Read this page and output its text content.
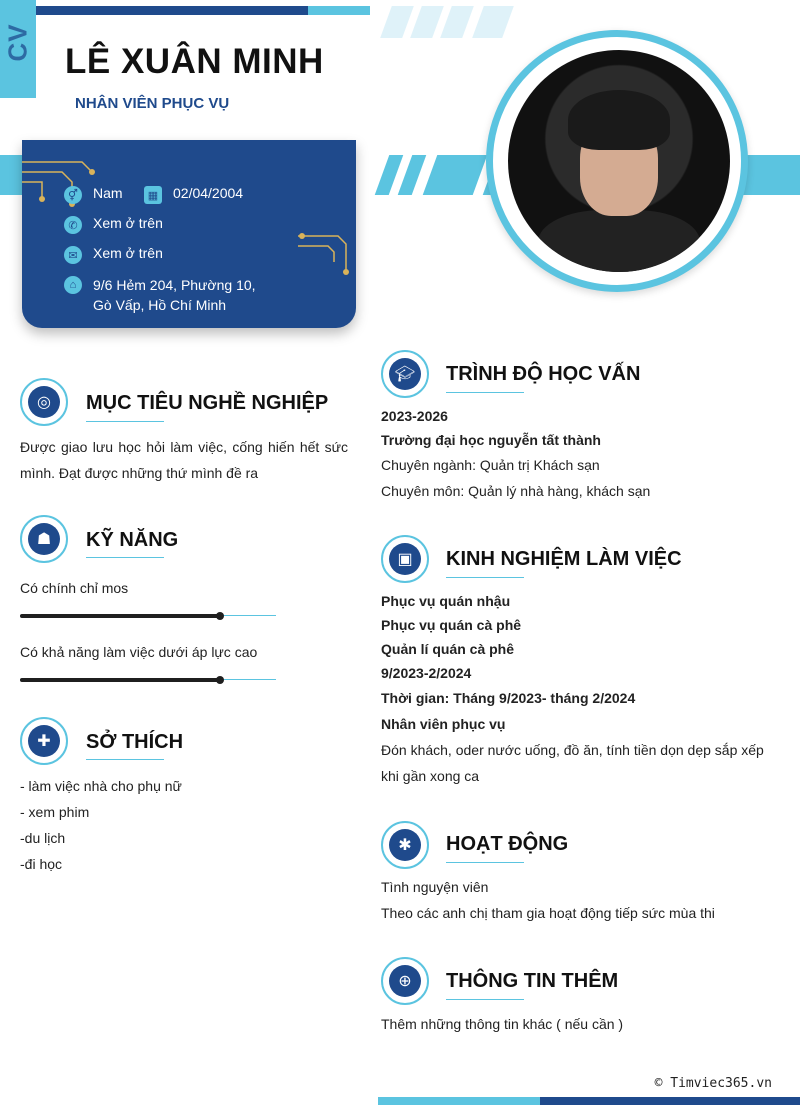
CV LÊ XUÂN MINH
NHÂN VIÊN PHỤC VỤ
⚥ Nam	▦ 02/04/2004
✆	Xem ở trên
✉	Xem ở trên
⌂	9/6 Hẻm 204, Phường 10, Gò Vấp, Hồ Chí Minh
◎	MỤC TIÊU NGHỀ NGHIỆP
Được giao lưu học hỏi làm việc, cống hiến hết sức mình. Đạt được những thứ mình đề ra
☗	KỸ NĂNG
Có chính chỉ mos
Có khả năng làm việc dưới áp lực cao
✚	SỞ THÍCH
- làm việc nhà cho phụ nữ
- xem phim
-du lịch
-đi học
🎓︎ TRÌNH ĐỘ HỌC VẤN
2023-2026
Trường đại học nguyễn tất thành
Chuyên ngành: Quản trị Khách sạn
Chuyên môn: Quản lý nhà hàng, khách sạn
▣	KINH NGHIỆM LÀM VIỆC
Phục vụ quán nhậu
Phục vụ quán cà phê
Quản lí quán cà phê
9/2023-2/2024
Thời gian: Tháng 9/2023- tháng 2/2024
Nhân viên phục vụ
Đón khách, oder nước uống, đồ ăn, tính tiền dọn dẹp sắp xếp khi gần xong ca
✱	HOẠT ĐỘNG
Tình nguyện viên
Theo các anh chị tham gia hoạt động tiếp sức mùa thi
⊕	THÔNG TIN THÊM
Thêm những thông tin khác ( nếu cần )
© Timviec365.vn
